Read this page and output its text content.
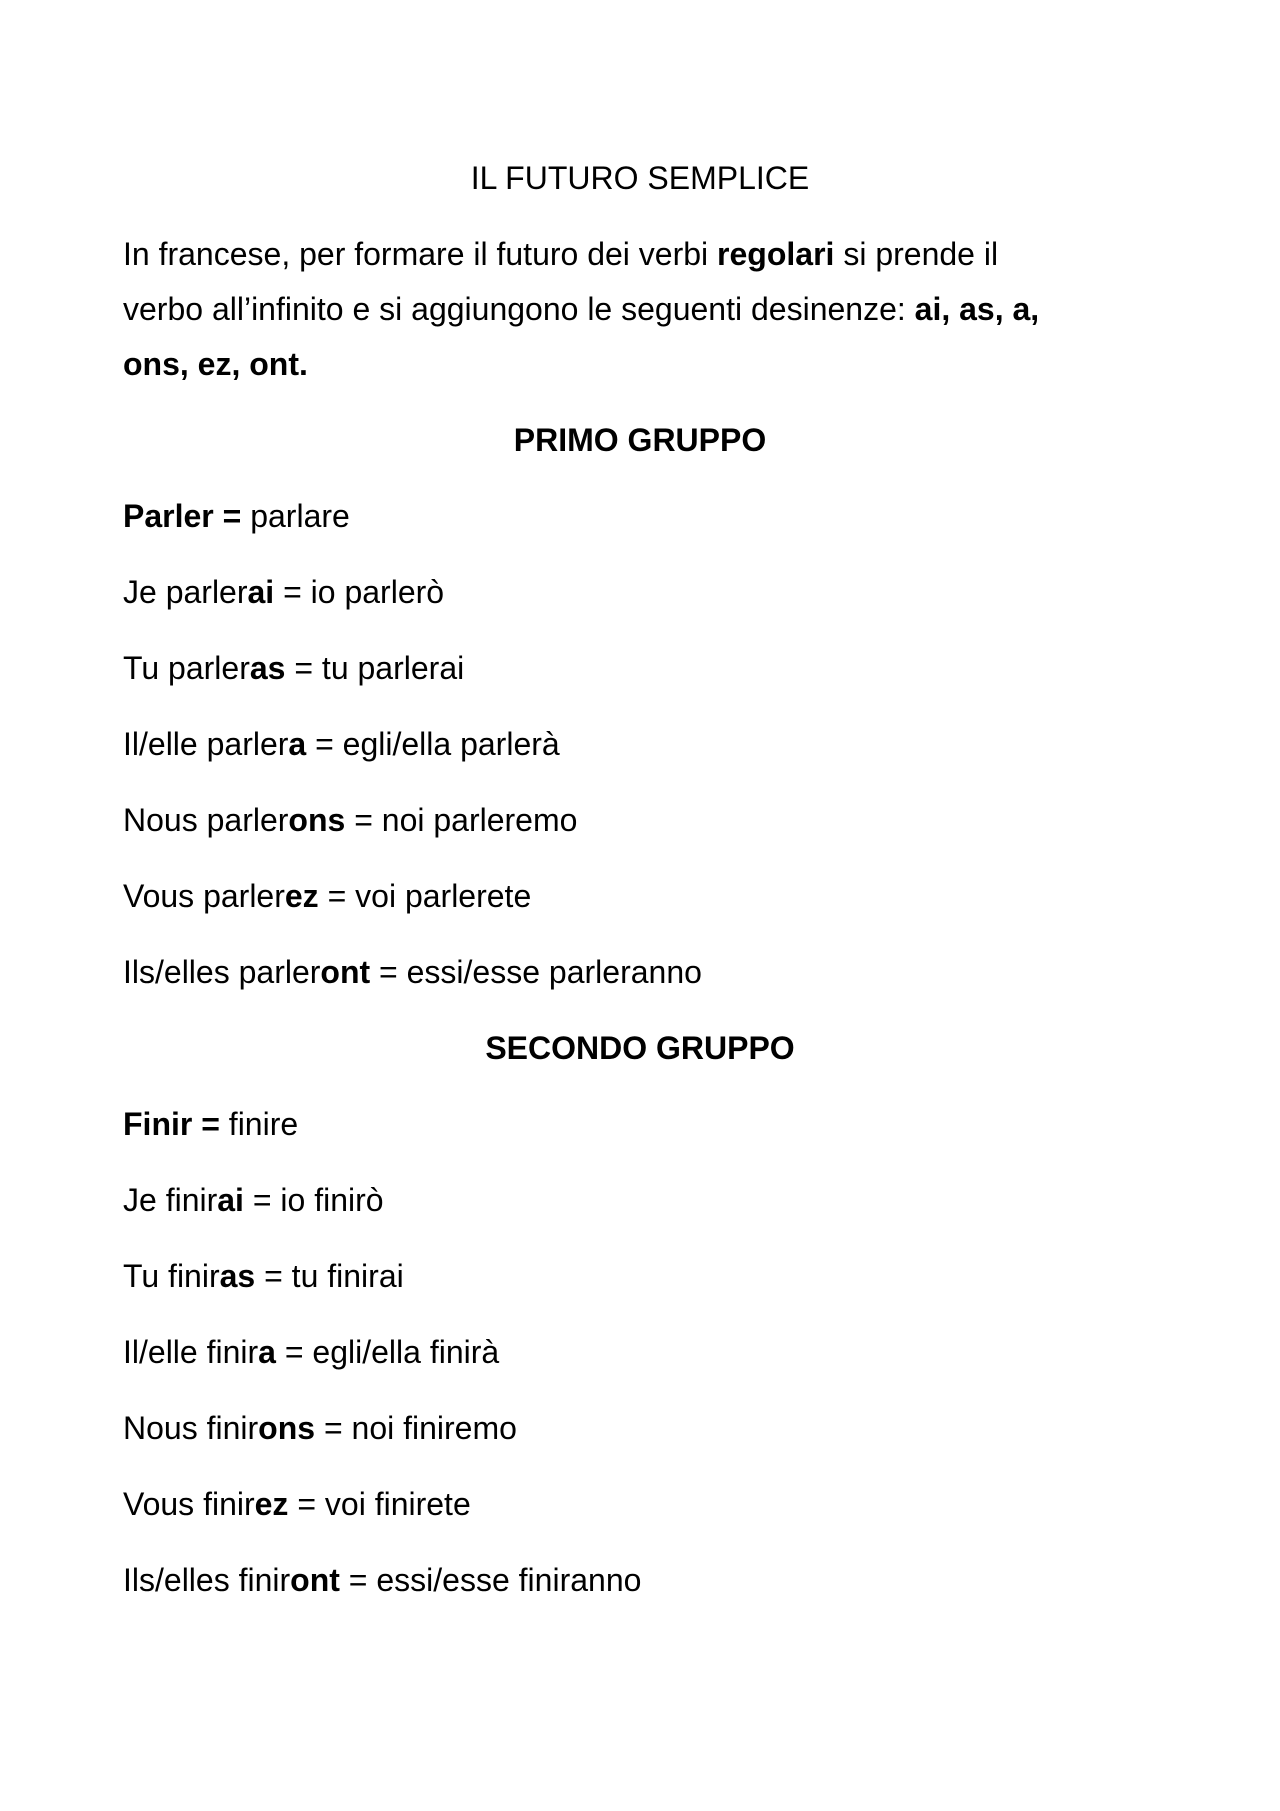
IL FUTURO SEMPLICE
In francese, per formare il futuro dei verbi regolari si prende il
verbo all’infinito e si aggiungono le seguenti desinenze: ai, as, a,
ons, ez, ont.
PRIMO GRUPPO
Parler = parlare
Je parlerai = io parlerò
Tu parleras = tu parlerai
Il/elle parlera = egli/ella parlerà
Nous parlerons = noi parleremo
Vous parlerez = voi parlerete
Ils/elles parleront = essi/esse parleranno
SECONDO GRUPPO
Finir = finire
Je finirai = io finirò
Tu finiras = tu finirai
Il/elle finira = egli/ella finirà
Nous finirons = noi finiremo
Vous finirez = voi finirete
Ils/elles finiront = essi/esse finiranno
